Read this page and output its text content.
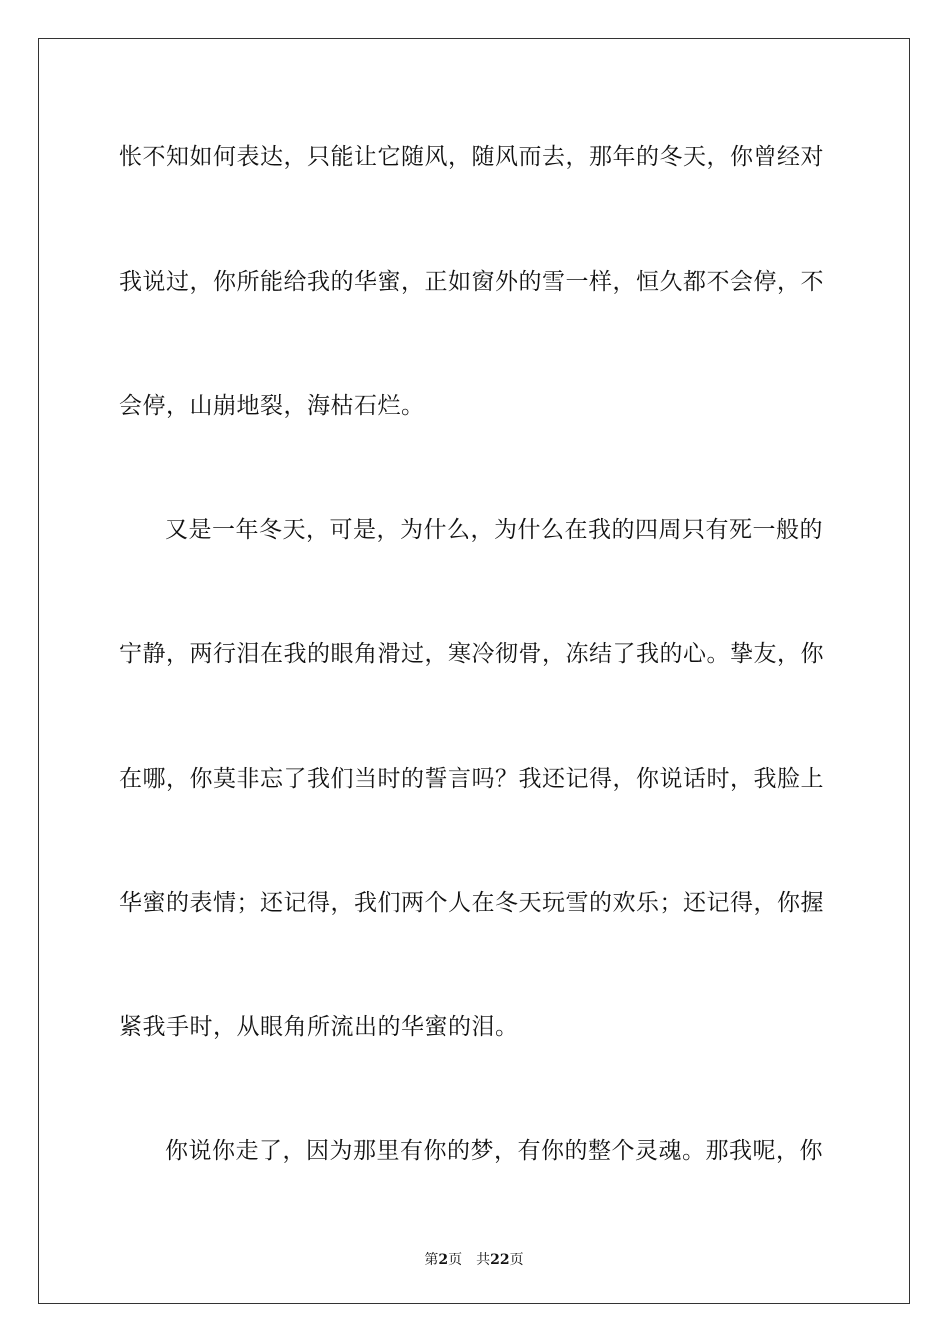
怅不知如何表达，只能让它随风，随风而去，那年的冬天，你曾经对
我说过，你所能给我的华蜜，正如窗外的雪一样，恒久都不会停，不
会停，山崩地裂，海枯石烂。
又是一年冬天，可是，为什么，为什么在我的四周只有死一般的
宁静，两行泪在我的眼角滑过，寒冷彻骨，冻结了我的心。挚友，你
在哪，你莫非忘了我们当时的誓言吗？我还记得，你说话时，我脸上
华蜜的表情；还记得，我们两个人在冬天玩雪的欢乐；还记得，你握
紧我手时，从眼角所流出的华蜜的泪。
你说你走了，因为那里有你的梦，有你的整个灵魂。那我呢，你
第2页 共22页
